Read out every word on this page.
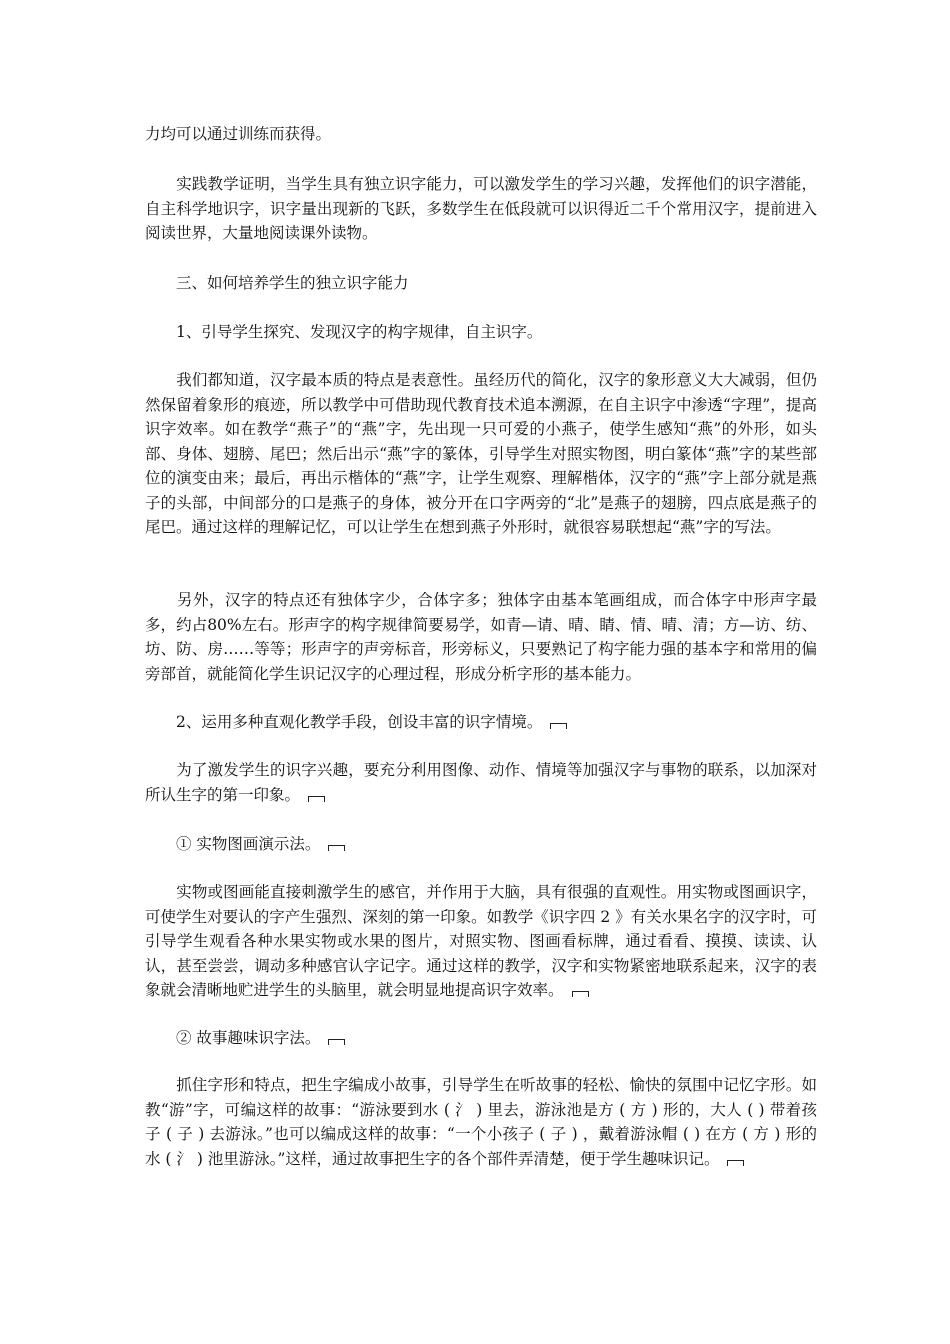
力均可以通过训练而获得。

　　实践教学证明，当学生具有独立识字能力，可以激发学生的学习兴趣，发挥他们的识字潜能，自主科学地识字，识字量出现新的飞跃，多数学生在低段就可以识得近二千个常用汉字，提前进入阅读世界，大量地阅读课外读物。

　　三、如何培养学生的独立识字能力

　　1、引导学生探究、发现汉字的构字规律，自主识字。

　　我们都知道，汉字最本质的特点是表意性。虽经历代的简化，汉字的象形意义大大减弱，但仍然保留着象形的痕迹，所以教学中可借助现代教育技术追本溯源，在自主识字中渗透“字理”，提高识字效率。如在教学“燕子”的“燕”字，先出现一只可爱的小燕子，使学生感知“燕”的外形，如头部、身体、翅膀、尾巴；然后出示“燕”字的篆体，引导学生对照实物图，明白篆体“燕”字的某些部位的演变由来；最后，再出示楷体的“燕”字，让学生观察、理解楷体，汉字的“燕”字上部分就是燕子的头部，中间部分的口是燕子的身体，被分开在口字两旁的“北”是燕子的翅膀，四点底是燕子的尾巴。通过这样的理解记忆，可以让学生在想到燕子外形时，就很容易联想起“燕”字的写法。

　　另外，汉字的特点还有独体字少，合体字多；独体字由基本笔画组成，而合体字中形声字最多，约占80%左右。形声字的构字规律简要易学，如青—请、晴、睛、情、晴、清；方—访、纺、坊、防、房……等等；形声字的声旁标音，形旁标义，只要熟记了构字能力强的基本字和常用的偏旁部首，就能简化学生识记汉字的心理过程，形成分析字形的基本能力。

　　2、运用多种直观化教学手段，创设丰富的识字情境。

　　为了激发学生的识字兴趣，要充分利用图像、动作、情境等加强汉字与事物的联系，以加深对所认生字的第一印象。

　　① 实物图画演示法。

　　实物或图画能直接刺激学生的感官，并作用于大脑，具有很强的直观性。用实物或图画识字，可使学生对要认的字产生强烈、深刻的第一印象。如教学《识字四 2 》有关水果名字的汉字时，可引导学生观看各种水果实物或水果的图片，对照实物、图画看标牌，通过看看、摸摸、读读、认认，甚至尝尝，调动多种感官认字记字。通过这样的教学，汉字和实物紧密地联系起来，汉字的表象就会清晰地贮进学生的头脑里，就会明显地提高识字效率。

　　② 故事趣味识字法。

　　抓住字形和特点，把生字编成小故事，引导学生在听故事的轻松、愉快的氛围中记忆字形。如教“游”字，可编这样的故事：“游泳要到水 ( 氵 ) 里去，游泳池是方 ( 方 ) 形的，大人 ( ) 带着孩子 ( 子 ) 去游泳。”也可以编成这样的故事：“一个小孩子 ( 子 ) ，戴着游泳帽 ( ) 在方 ( 方 ) 形的水 ( 氵 ) 池里游泳。”这样，通过故事把生字的各个部件弄清楚，便于学生趣味识记。
